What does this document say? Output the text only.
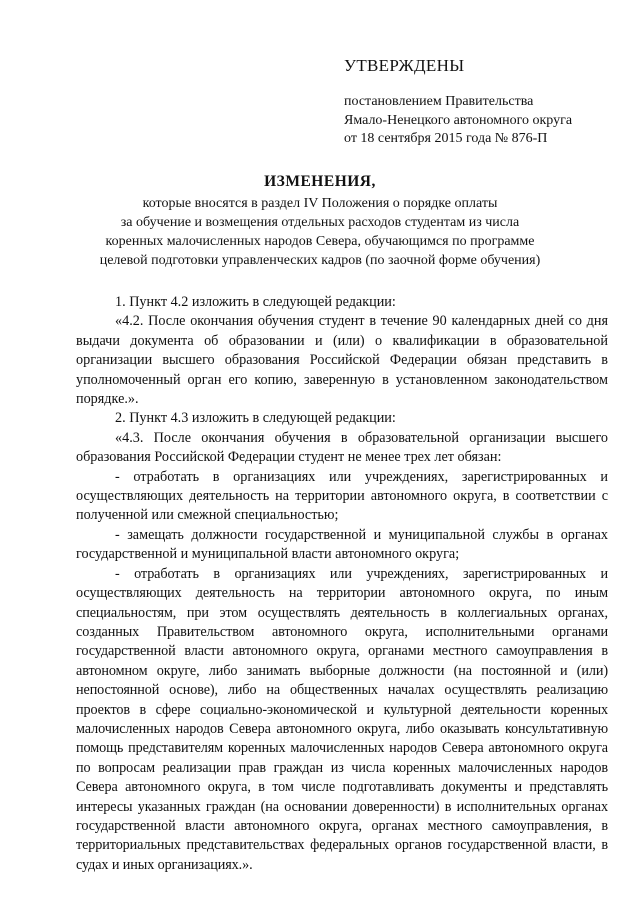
УТВЕРЖДЕНЫ

постановлением Правительства

Ямало-Ненецкого автономного округа

от 18 сентября 2015 года № 876-П

ИЗМЕНЕНИЯ,

которые вносятся в раздел IV Положения о порядке оплаты

за обучение и возмещения отдельных расходов студентам из числа

коренных малочисленных народов Севера, обучающимся по программе

целевой подготовки управленческих кадров (по заочной форме обучения)

1. Пункт 4.2 изложить в следующей редакции:

«4.2. После окончания обучения студент в течение 90 календарных дней со дня выдачи документа об образовании и (или) о квалификации в образовательной организации высшего образования Российской Федерации обязан представить в уполномоченный орган его копию, заверенную в установленном законодательством порядке.».

2. Пункт 4.3 изложить в следующей редакции:

«4.3. После окончания обучения в образовательной организации высшего образования Российской Федерации студент не менее трех лет обязан:

- отработать в организациях или учреждениях, зарегистрированных и осуществляющих деятельность на территории автономного округа, в соответствии с полученной или смежной специальностью;

- замещать должности государственной и муниципальной службы в органах государственной и муниципальной власти автономного округа;

- отработать в организациях или учреждениях, зарегистрированных и осуществляющих деятельность на территории автономного округа, по иным специальностям, при этом осуществлять деятельность в коллегиальных органах, созданных Правительством автономного округа, исполнительными органами государственной власти автономного округа, органами местного самоуправления в автономном округе, либо занимать выборные должности (на постоянной и (или) непостоянной основе), либо на общественных началах осуществлять реализацию проектов в сфере социально-экономической и культурной деятельности коренных малочисленных народов Севера автономного округа, либо оказывать консультативную помощь представителям коренных малочисленных народов Севера автономного округа по вопросам реализации прав граждан из числа коренных малочисленных народов Севера автономного округа, в том числе подготавливать документы и представлять интересы указанных граждан (на основании доверенности) в исполнительных органах государственной власти автономного округа, органах местного самоуправления, в территориальных представительствах федеральных органов государственной власти, в судах и иных организациях.».
